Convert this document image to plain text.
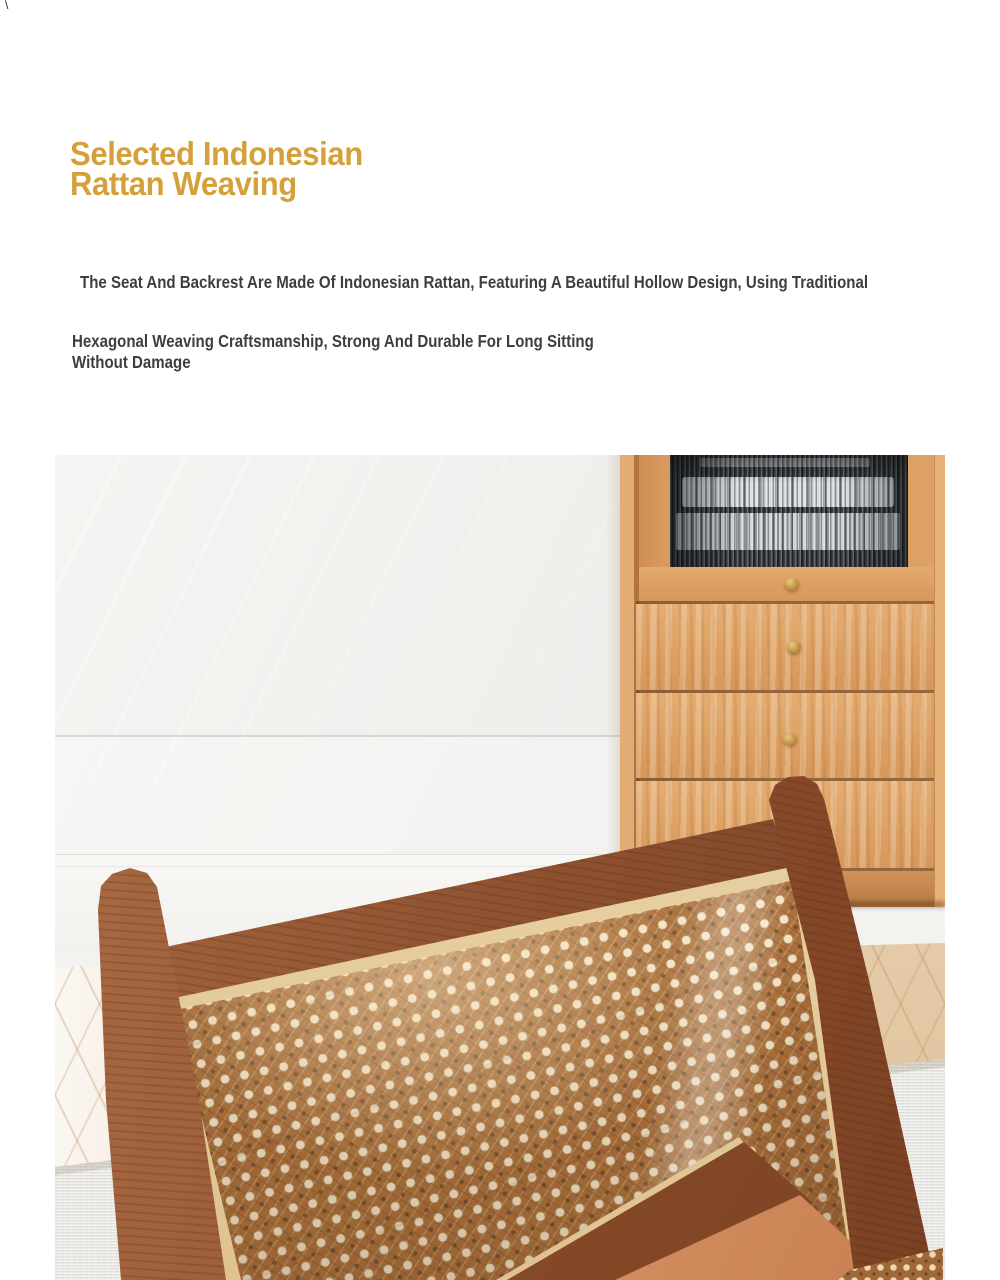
\
Selected Indonesian
Rattan Weaving
The Seat And Backrest Are Made Of Indonesian Rattan, Featuring A Beautiful Hollow Design, Using Traditional
Hexagonal Weaving Craftsmanship, Strong And Durable For Long Sitting
Without Damage
